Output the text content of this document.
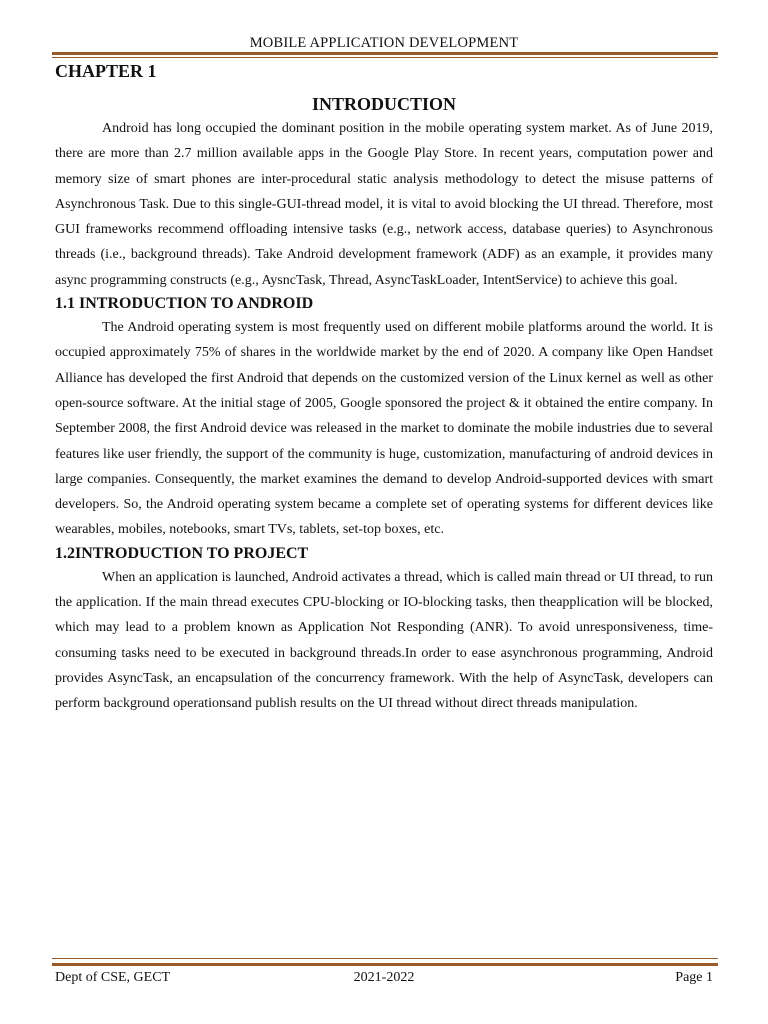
MOBILE APPLICATION DEVELOPMENT
CHAPTER 1
INTRODUCTION

Android has long occupied the dominant position in the mobile operating system market. As of June 2019, there are more than 2.7 million available apps in the Google Play Store. In recent years, computation power and memory size of smart phones are inter-procedural static analysis methodology to detect the misuse patterns of Asynchronous Task. Due to this single-GUI-thread model, it is vital to avoid blocking the UI thread. Therefore, most GUI frameworks recommend offloading intensive tasks (e.g., network access, database queries) to Asynchronous threads (i.e., background threads). Take Android development framework (ADF) as an example, it provides many async programming constructs (e.g., AysncTask, Thread, AsyncTaskLoader, IntentService) to achieve this goal.

1.1 INTRODUCTION TO ANDROID

The Android operating system is most frequently used on different mobile platforms around the world. It is occupied approximately 75% of shares in the worldwide market by the end of 2020. A company like Open Handset Alliance has developed the first Android that depends on the customized version of the Linux kernel as well as other open-source software. At the initial stage of 2005, Google sponsored the project & it obtained the entire company. In September 2008, the first Android device was released in the market to dominate the mobile industries due to several features like user friendly, the support of the community is huge, customization, manufacturing of android devices in large companies. Consequently, the market examines the demand to develop Android-supported devices with smart developers. So, the Android operating system became a complete set of operating systems for different devices like wearables, mobiles, notebooks, smart TVs, tablets, set-top boxes, etc.

1.2INTRODUCTION TO PROJECT

When an application is launched, Android activates a thread, which is called main thread or UI thread, to run the application. If the main thread executes CPU-blocking or IO-blocking tasks, then theapplication will be blocked, which may lead to a problem known as Application Not Responding (ANR). To avoid unresponsiveness, time-consuming tasks need to be executed in background threads.In order to ease asynchronous programming, Android provides AsyncTask, an encapsulation of the concurrency framework. With the help of AsyncTask, developers can perform background operationsand publish results on the UI thread without direct threads manipulation.

Dept of CSE, GECT	2021-2022	Page 1
